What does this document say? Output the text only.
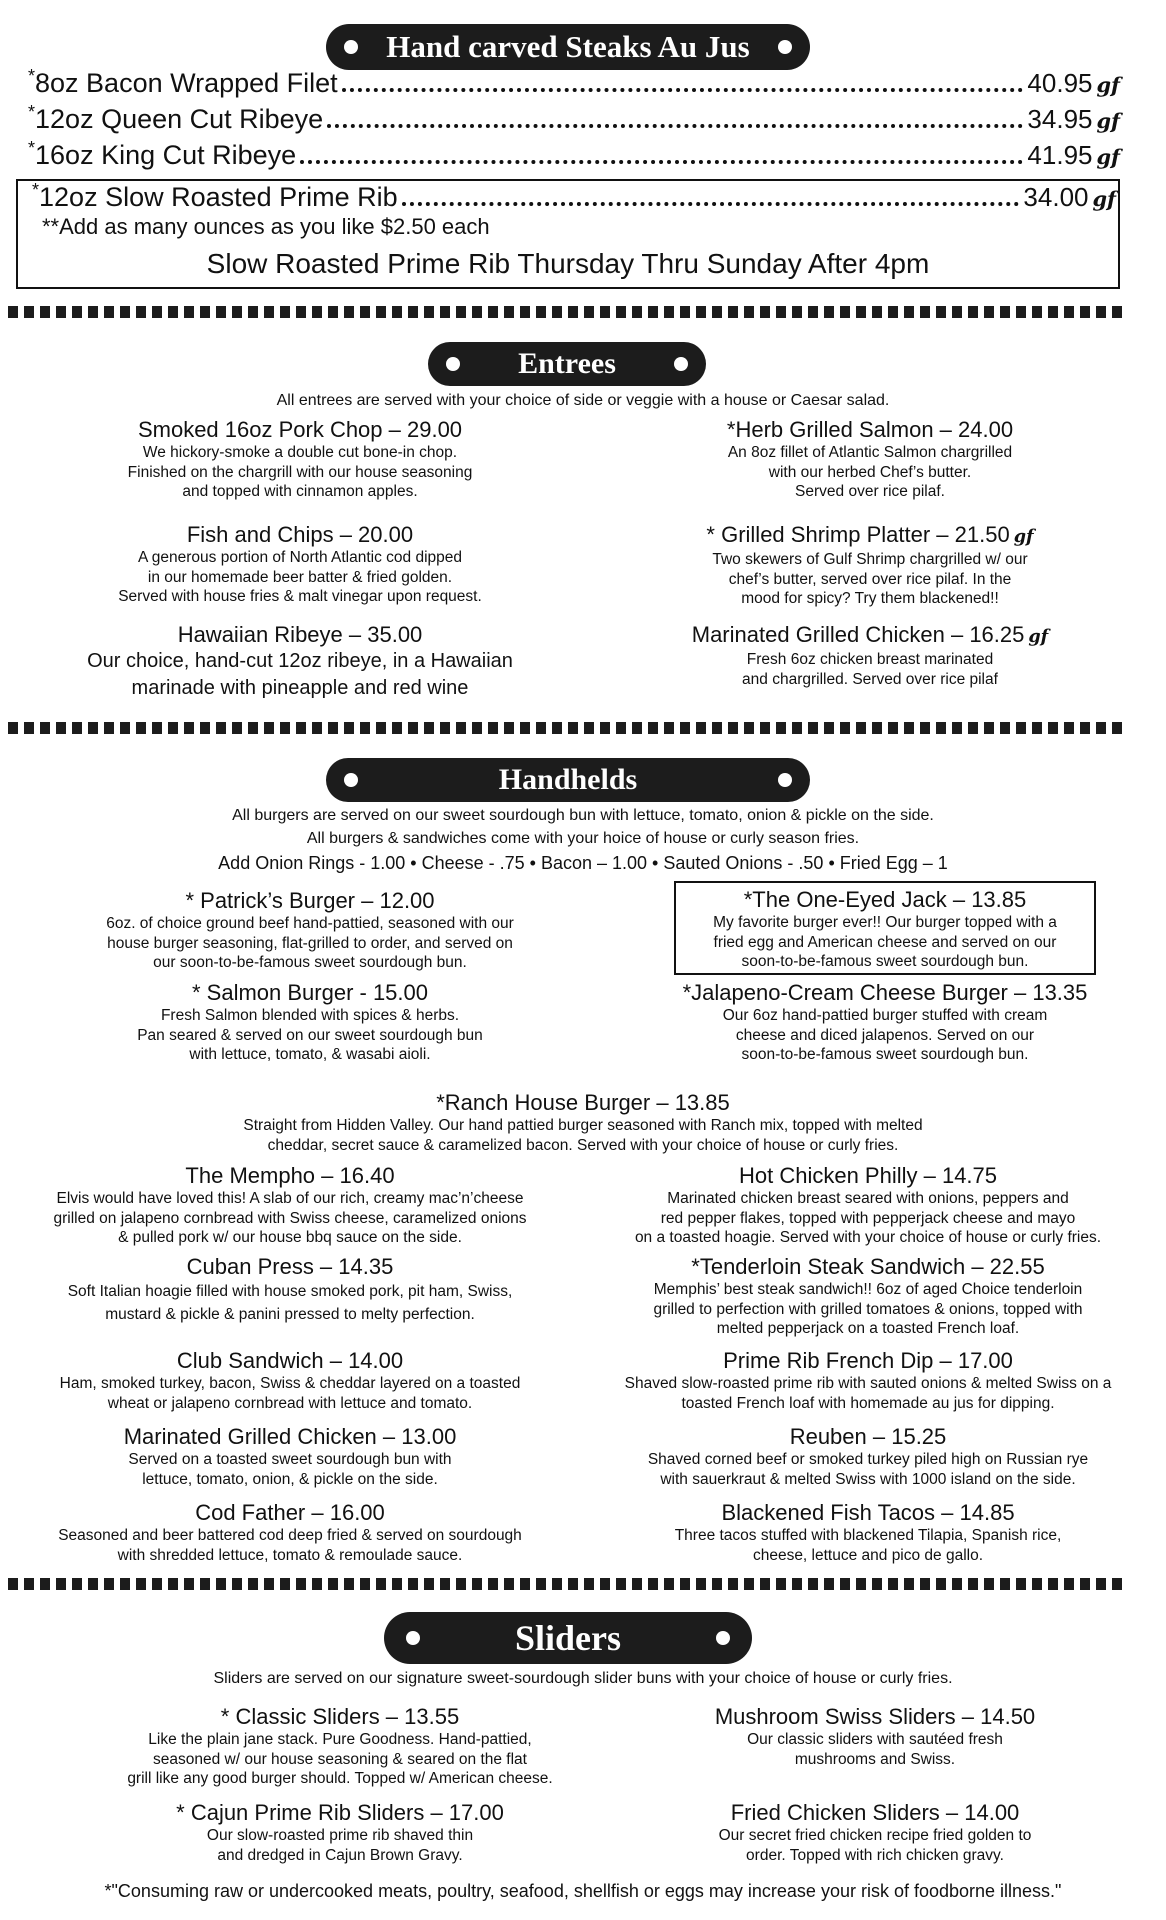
Hand carved Steaks Au Jus
*8oz Bacon Wrapped Filet	40.95 gf
*12oz Queen Cut Ribeye	34.95 gf
*16oz King Cut Ribeye	41.95 gf
*12oz Slow Roasted Prime Rib	34.00 gf
**Add as many ounces as you like $2.50 each
Slow Roasted Prime Rib Thursday Thru Sunday After 4pm
Entrees
All entrees are served with your choice of side or veggie with a house or Caesar salad.
Smoked 16oz Pork Chop – 29.00
We hickory-smoke a double cut bone-in chop.
Finished on the chargrill with our house seasoning
and topped with cinnamon apples.
*Herb Grilled Salmon – 24.00
An 8oz fillet of Atlantic Salmon chargrilled
with our herbed Chef’s butter.
Served over rice pilaf.
Fish and Chips – 20.00
A generous portion of North Atlantic cod dipped
in our homemade beer batter & fried golden.
Served with house fries & malt vinegar upon request.
* Grilled Shrimp Platter – 21.50 gf
Two skewers of Gulf Shrimp chargrilled w/ our
chef’s butter, served over rice pilaf. In the
mood for spicy? Try them blackened!!
Hawaiian Ribeye – 35.00
Our choice, hand-cut 12oz ribeye, in a Hawaiian
marinade with pineapple and red wine
Marinated Grilled Chicken – 16.25 gf
Fresh 6oz chicken breast marinated
and chargrilled. Served over rice pilaf
Handhelds
All burgers are served on our sweet sourdough bun with lettuce, tomato, onion & pickle on the side.
All burgers & sandwiches come with your hoice of house or curly season fries.
Add Onion Rings - 1.00 • Cheese - .75 • Bacon – 1.00 • Sauted Onions - .50 • Fried Egg – 1
* Patrick’s Burger – 12.00
6oz. of choice ground beef hand-pattied, seasoned with our
house burger seasoning, flat-grilled to order, and served on
our soon-to-be-famous sweet sourdough bun.
*The One-Eyed Jack – 13.85
My favorite burger ever!! Our burger topped with a
fried egg and American cheese and served on our
soon-to-be-famous sweet sourdough bun.
* Salmon Burger - 15.00
Fresh Salmon blended with spices & herbs.
Pan seared & served on our sweet sourdough bun
with lettuce, tomato, & wasabi aioli.
*Jalapeno-Cream Cheese Burger – 13.35
Our 6oz hand-pattied burger stuffed with cream
cheese and diced jalapenos. Served on our
soon-to-be-famous sweet sourdough bun.
*Ranch House Burger – 13.85
Straight from Hidden Valley. Our hand pattied burger seasoned with Ranch mix, topped with melted
cheddar, secret sauce & caramelized bacon. Served with your choice of house or curly fries.
The Mempho – 16.40
Elvis would have loved this! A slab of our rich, creamy mac’n’cheese
grilled on jalapeno cornbread with Swiss cheese, caramelized onions
& pulled pork w/ our house bbq sauce on the side.
Hot Chicken Philly – 14.75
Marinated chicken breast seared with onions, peppers and
red pepper flakes, topped with pepperjack cheese and mayo
on a toasted hoagie. Served with your choice of house or curly fries.
Cuban Press – 14.35
Soft Italian hoagie filled with house smoked pork, pit ham, Swiss,
mustard & pickle & panini pressed to melty perfection.
*Tenderloin Steak Sandwich – 22.55
Memphis’ best steak sandwich!! 6oz of aged Choice tenderloin
grilled to perfection with grilled tomatoes & onions, topped with
melted pepperjack on a toasted French loaf.
Club Sandwich – 14.00
Ham, smoked turkey, bacon, Swiss & cheddar layered on a toasted
wheat or jalapeno cornbread with lettuce and tomato.
Prime Rib French Dip – 17.00
Shaved slow-roasted prime rib with sauted onions & melted Swiss on a
toasted French loaf with homemade au jus for dipping.
Marinated Grilled Chicken – 13.00
Served on a toasted sweet sourdough bun with
lettuce, tomato, onion, & pickle on the side.
Reuben – 15.25
Shaved corned beef or smoked turkey piled high on Russian rye
with sauerkraut & melted Swiss with 1000 island on the side.
Cod Father – 16.00
Seasoned and beer battered cod deep fried & served on sourdough
with shredded lettuce, tomato & remoulade sauce.
Blackened Fish Tacos – 14.85
Three tacos stuffed with blackened Tilapia, Spanish rice,
cheese, lettuce and pico de gallo.
Sliders
Sliders are served on our signature sweet-sourdough slider buns with your choice of house or curly fries.
* Classic Sliders – 13.55
Like the plain jane stack. Pure Goodness. Hand-pattied,
seasoned w/ our house seasoning & seared on the flat
grill like any good burger should. Topped w/ American cheese.
Mushroom Swiss Sliders – 14.50
Our classic sliders with sautéed fresh
mushrooms and Swiss.
* Cajun Prime Rib Sliders – 17.00
Our slow-roasted prime rib shaved thin
and dredged in Cajun Brown Gravy.
Fried Chicken Sliders – 14.00
Our secret fried chicken recipe fried golden to
order. Topped with rich chicken gravy.
*"Consuming raw or undercooked meats, poultry, seafood, shellfish or eggs may increase your risk of foodborne illness."
